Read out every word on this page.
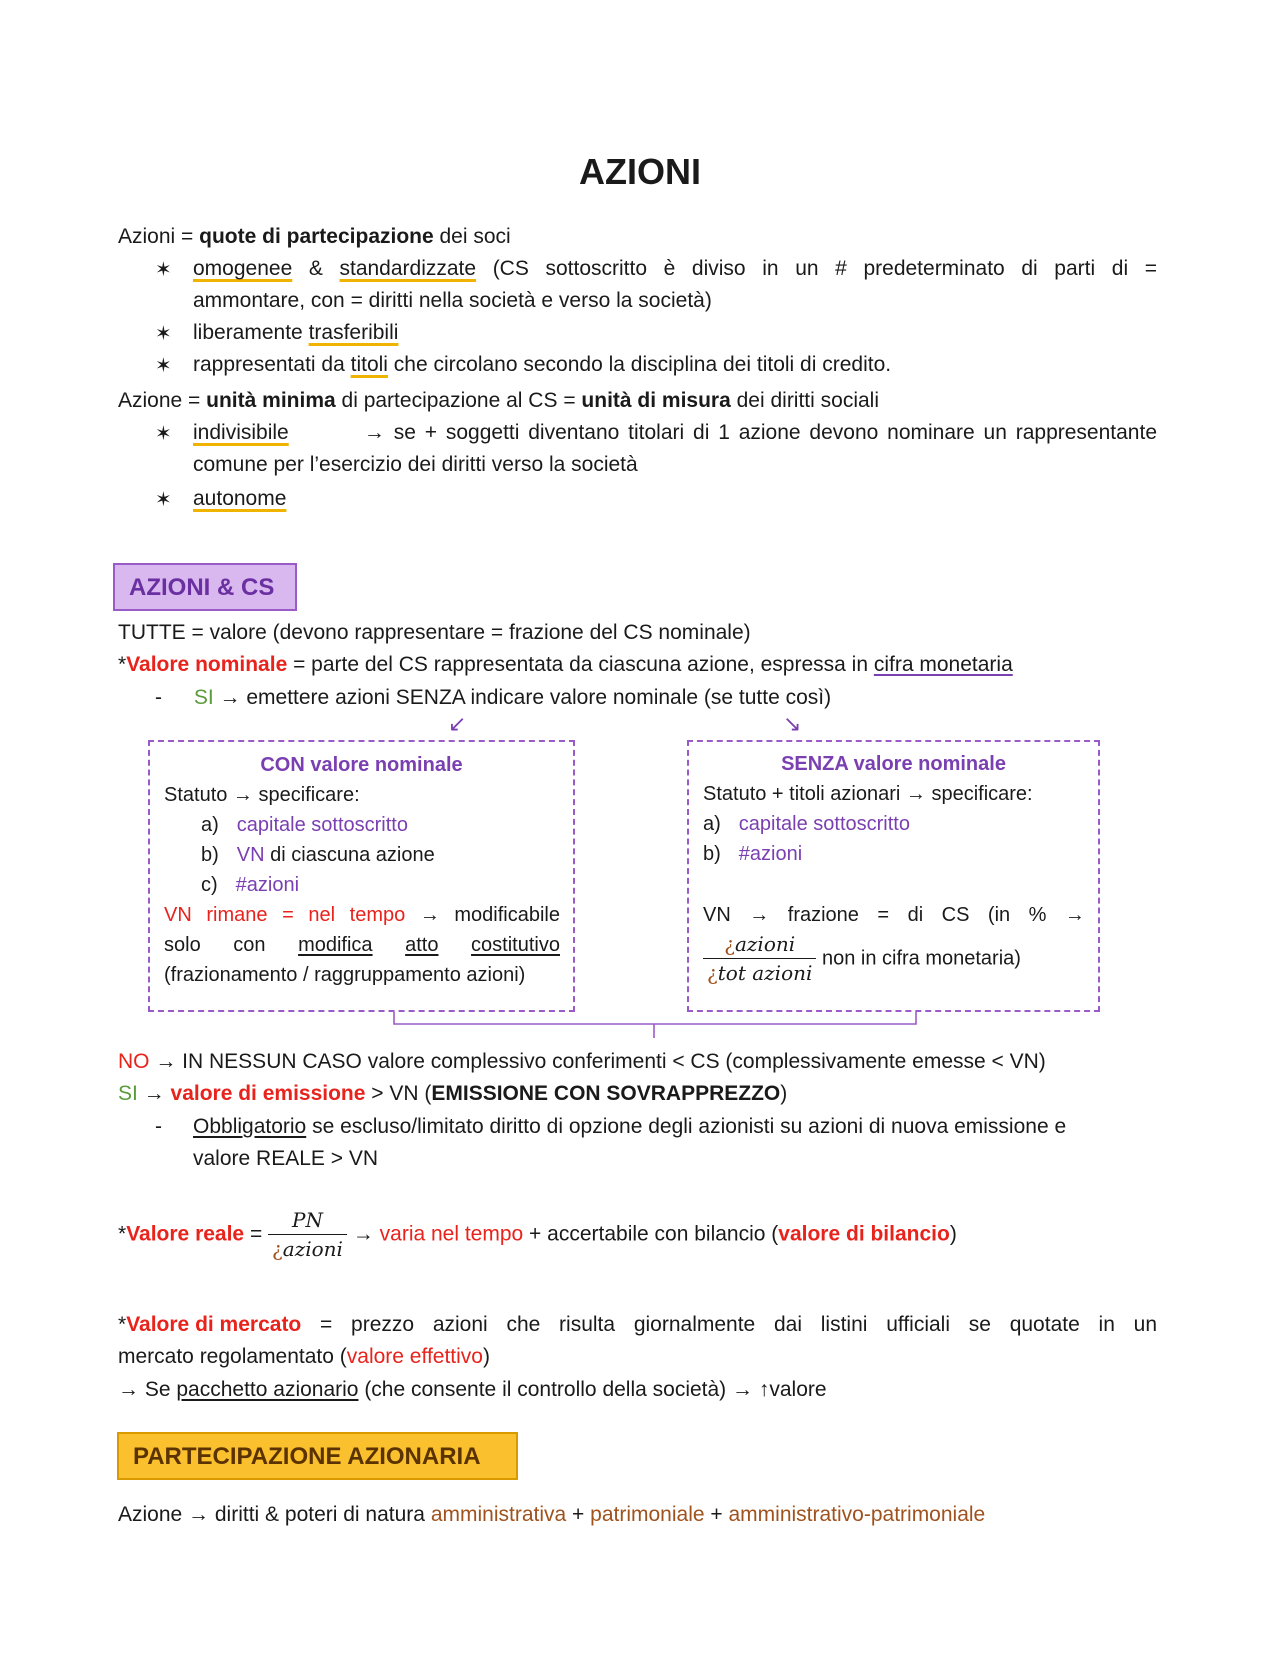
AZIONI
Azioni = quote di partecipazione dei soci
✶ omogenee & standardizzate (CS sottoscritto è diviso in un # predeterminato di parti di =
ammontare, con = diritti nella società e verso la società)
✶ liberamente trasferibili
✶ rappresentati da titoli che circolano secondo la disciplina dei titoli di credito.
Azione = unità minima di partecipazione al CS = unità di misura dei diritti sociali
✶ indivisibile	→ se + soggetti diventano titolari di 1 azione devono nominare un rappresentante
comune per l’esercizio dei diritti verso la società
✶ autonome
AZIONI & CS
TUTTE = valore (devono rappresentare = frazione del CS nominale)
*Valore nominale = parte del CS rappresentata da ciascuna azione, espressa in cifra monetaria
- SI → emettere azioni SENZA indicare valore nominale (se tutte così)
↙	↘
CON valore nominale
Statuto → specificare:
a) capitale sottoscritto
b) VN di ciascuna azione
c) #azioni
VN rimane = nel tempo → modificabile
solo con modifica atto costitutivo
(frazionamento / raggruppamento azioni)
SENZA valore nominale
Statuto + titoli azionari → specificare:
a) capitale sottoscritto
b) #azioni
VN → frazione = di CS (in % →
$\frac{\text{¿azioni}}{\text{¿tot azioni}}$ non in cifra monetaria)
NO → IN NESSUN CASO valore complessivo conferimenti < CS (complessivamente emesse < VN)
SI → valore di emissione > VN (EMISSIONE CON SOVRAPPREZZO)
- Obbligatorio se escluso/limitato diritto di opzione degli azionisti su azioni di nuova emissione e
valore REALE > VN
*Valore reale = $\frac{PN}{\text{¿azioni}}$ → varia nel tempo + accertabile con bilancio (valore di bilancio)
*Valore di mercato = prezzo azioni che risulta giornalmente dai listini ufficiali se quotate in un
mercato regolamentato (valore effettivo)
→ Se pacchetto azionario (che consente il controllo della società) → ↑valore
PARTECIPAZIONE AZIONARIA
Azione → diritti & poteri di natura amministrativa + patrimoniale + amministrativo-patrimoniale
